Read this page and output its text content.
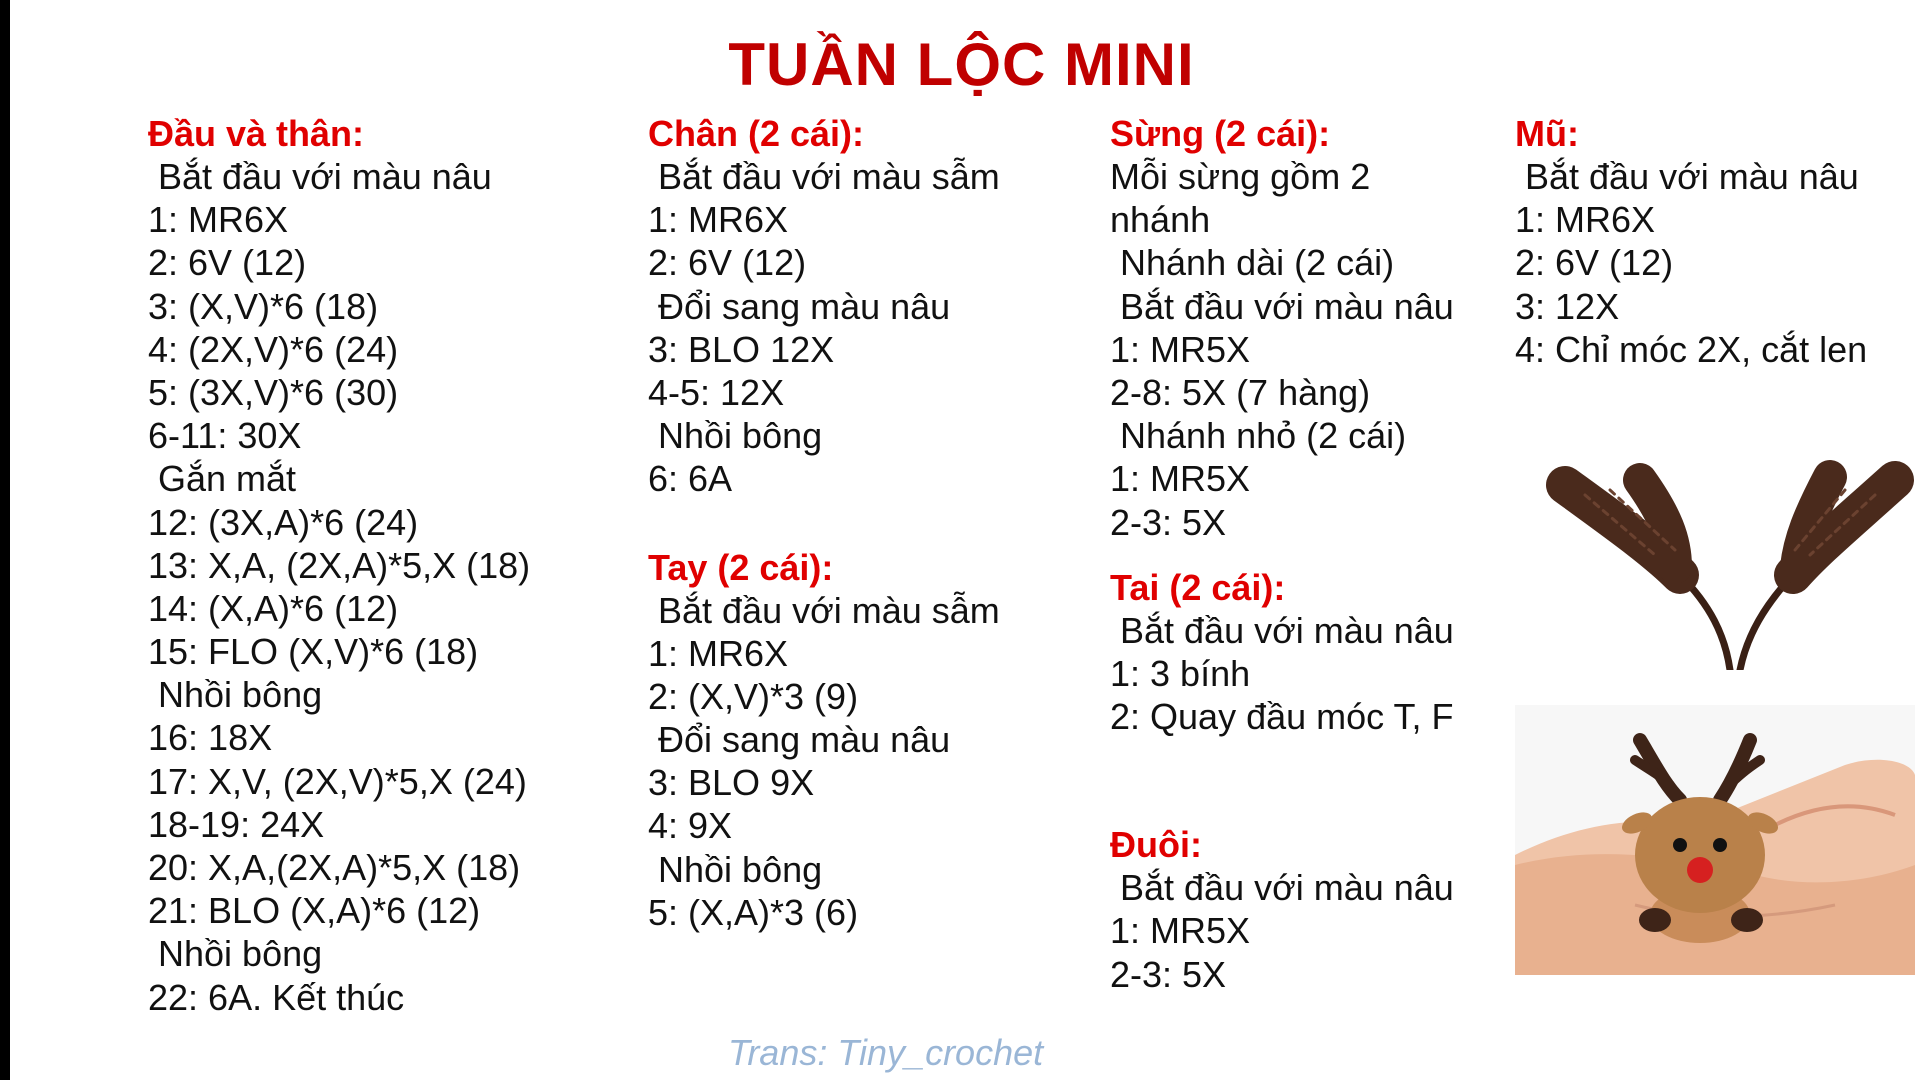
TUẦN LỘC MINI
Đầu và thân:
Bắt đầu với màu nâu
1: MR6X
2: 6V (12)
3: (X,V)*6 (18)
4: (2X,V)*6 (24)
5: (3X,V)*6 (30)
6-11: 30X
Gắn mắt
12: (3X,A)*6 (24)
13: X,A, (2X,A)*5,X (18)
14: (X,A)*6 (12)
15: FLO (X,V)*6 (18)
Nhồi bông
16: 18X
17: X,V, (2X,V)*5,X (24)
18-19: 24X
20: X,A,(2X,A)*5,X (18)
21: BLO (X,A)*6 (12)
Nhồi bông
22: 6A. Kết thúc
Chân (2 cái):
Bắt đầu với màu sẫm
1: MR6X
2: 6V (12)
Đổi sang màu nâu
3: BLO 12X
4-5: 12X
Nhồi bông
6: 6A
Tay (2 cái):
Bắt đầu với màu sẫm
1: MR6X
2: (X,V)*3 (9)
Đổi sang màu nâu
3: BLO 9X
4: 9X
Nhồi bông
5: (X,A)*3 (6)
Sừng (2 cái):
Mỗi sừng gồm 2
nhánh
Nhánh dài (2 cái)
Bắt đầu với màu nâu
1: MR5X
2-8: 5X (7 hàng)
Nhánh nhỏ (2 cái)
1: MR5X
2-3: 5X
Tai (2 cái):
Bắt đầu với màu nâu
1: 3 bính
2: Quay đầu móc T, F
Đuôi:
Bắt đầu với màu nâu
1: MR5X
2-3: 5X
Mũ:
Bắt đầu với màu nâu
1: MR6X
2: 6V (12)
3: 12X
4: Chỉ móc 2X, cắt len
Trans: Tiny_crochet
